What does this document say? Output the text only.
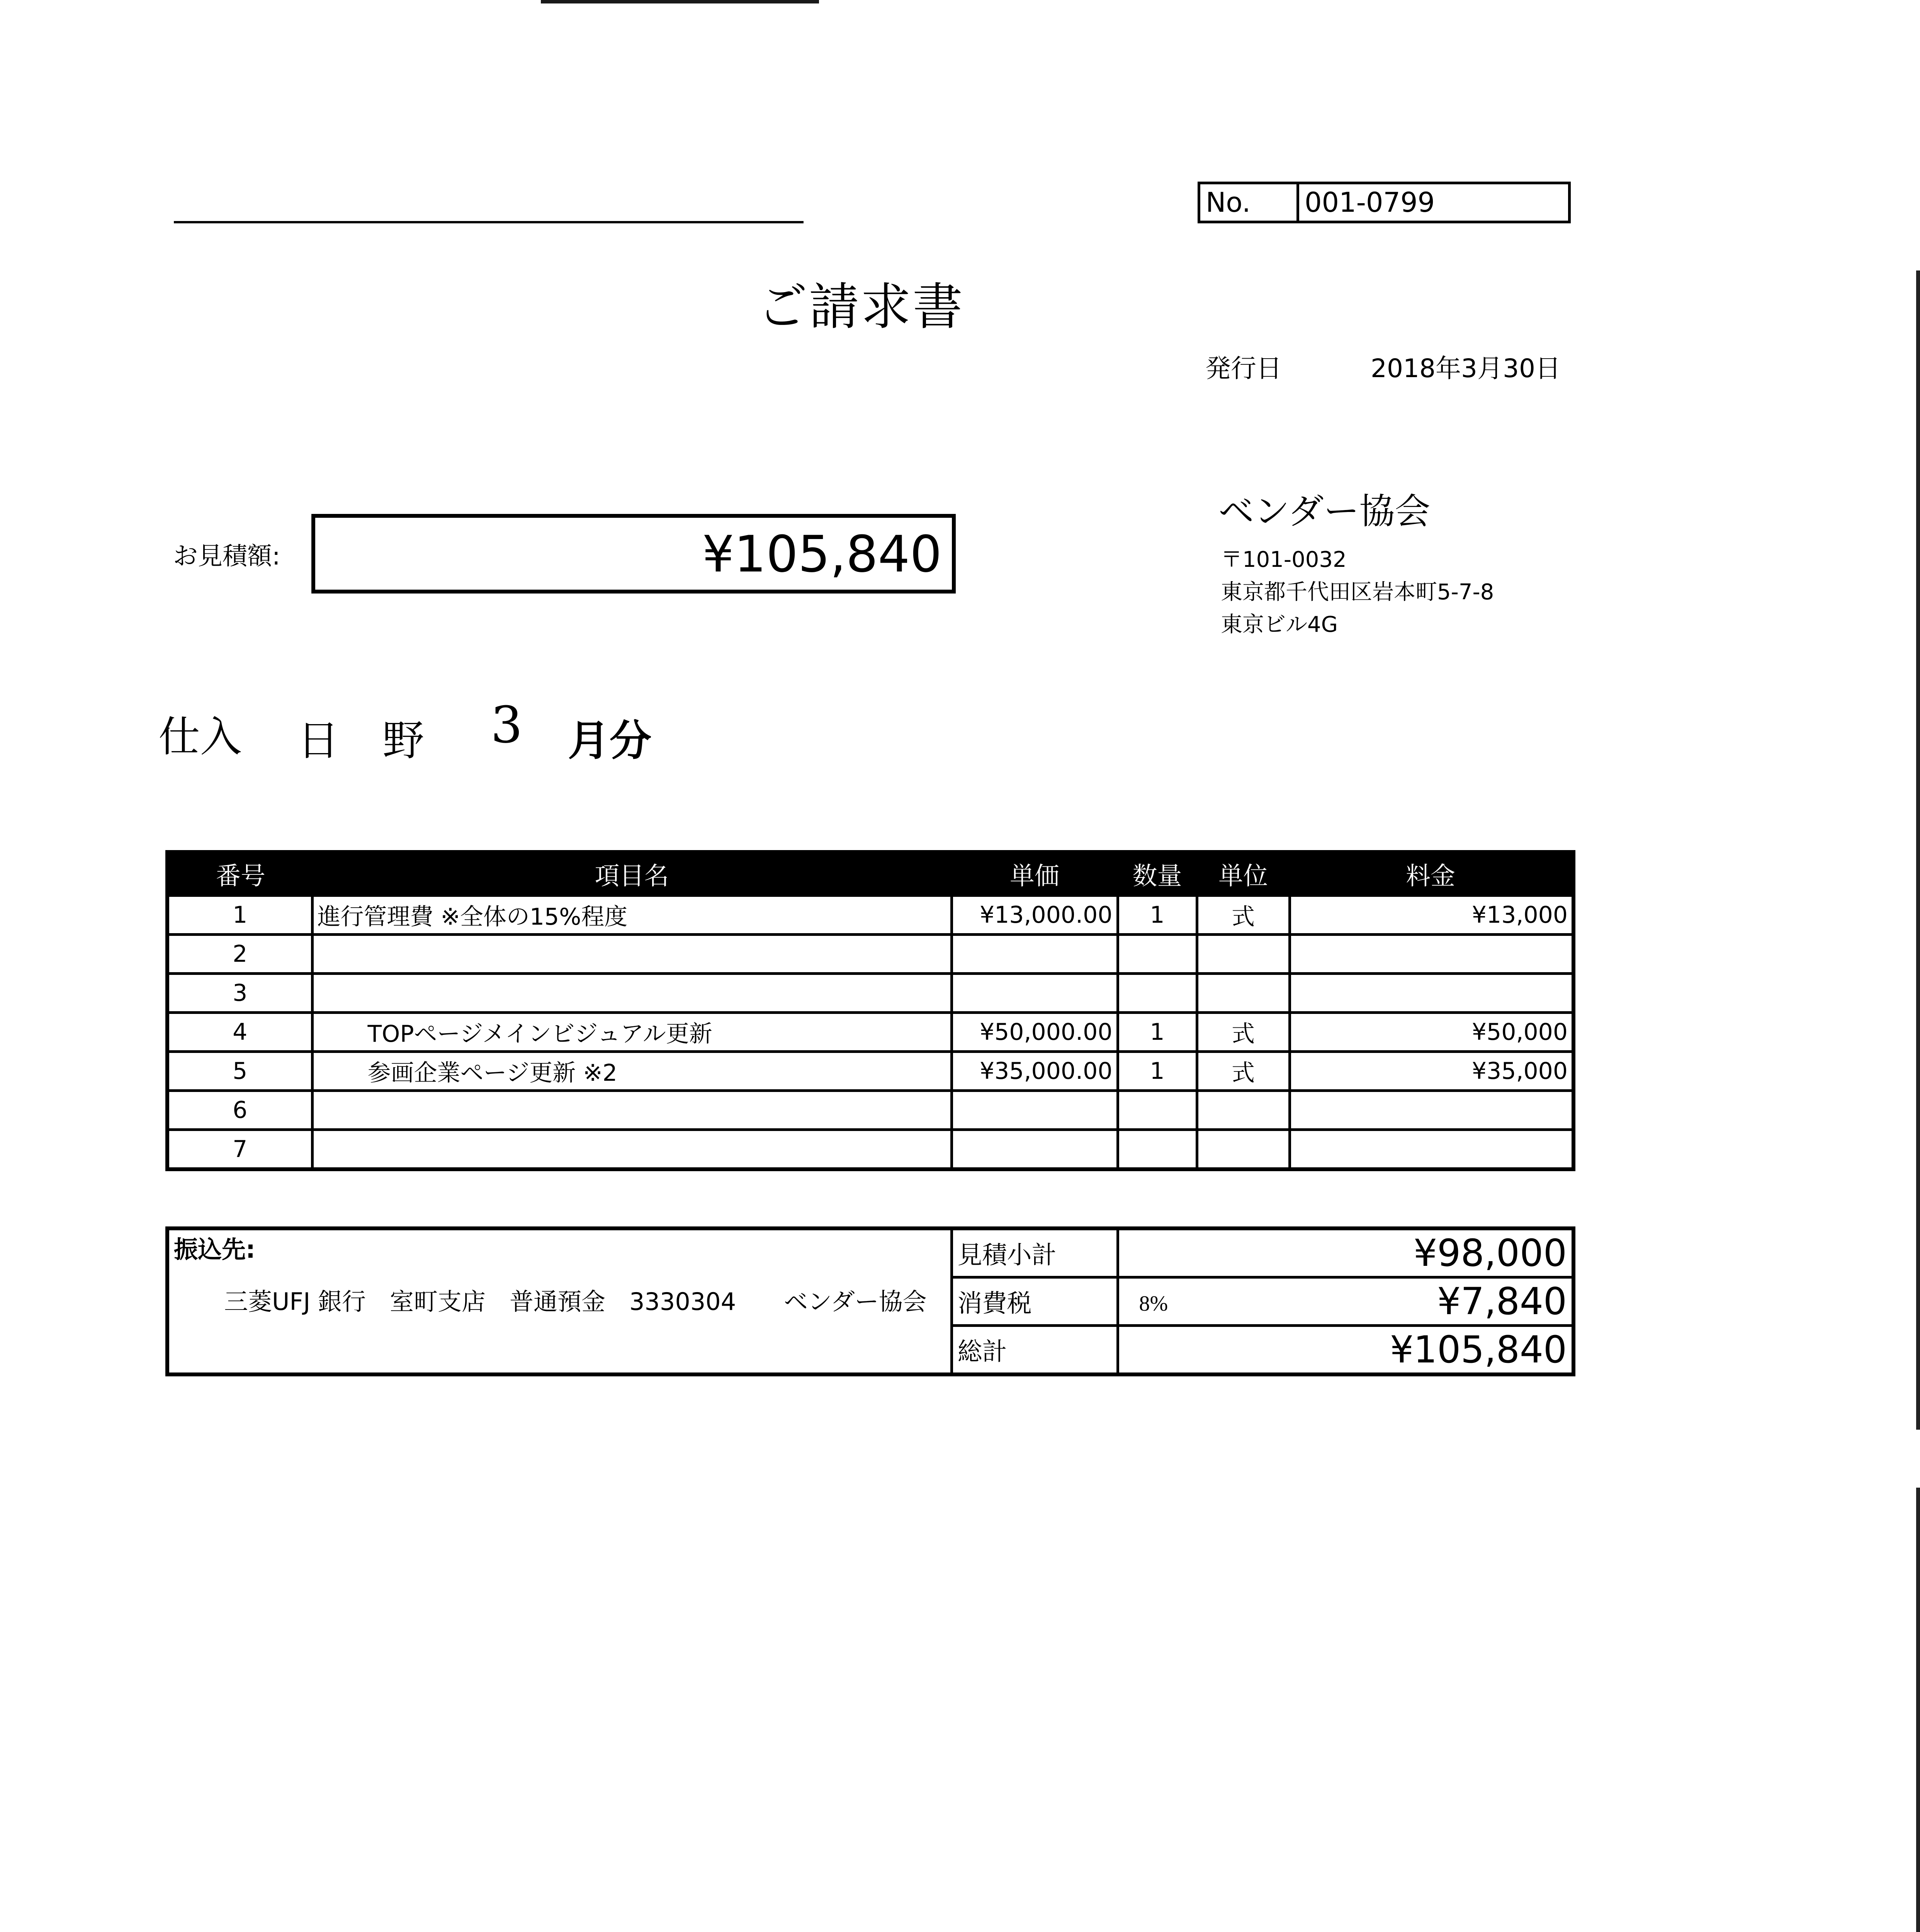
No.	001-0799
ご請求書
発行日	2018年3月30日
ベンダー協会
〒101-0032
東京都千代田区岩本町5-7-8
東京ビル4G
お見積額:	¥105,840
仕入 日 野 3 月分
番号	項目名	単価	数量	単位	料金
1	進行管理費 ※全体の15%程度	¥13,000.00	1	式	¥13,000
2					
3					
4	TOPページメインビジュアル更新	¥50,000.00	1	式	¥50,000
5	参画企業ページ更新 ※2	¥35,000.00	1	式	¥35,000
6					
7					
振込先:
三菱UFJ 銀行　室町支店　普通預金　3330304　　ベンダー協会	見積小計	¥98,000
	消費税	8% ¥7,840
	総計	¥105,840
